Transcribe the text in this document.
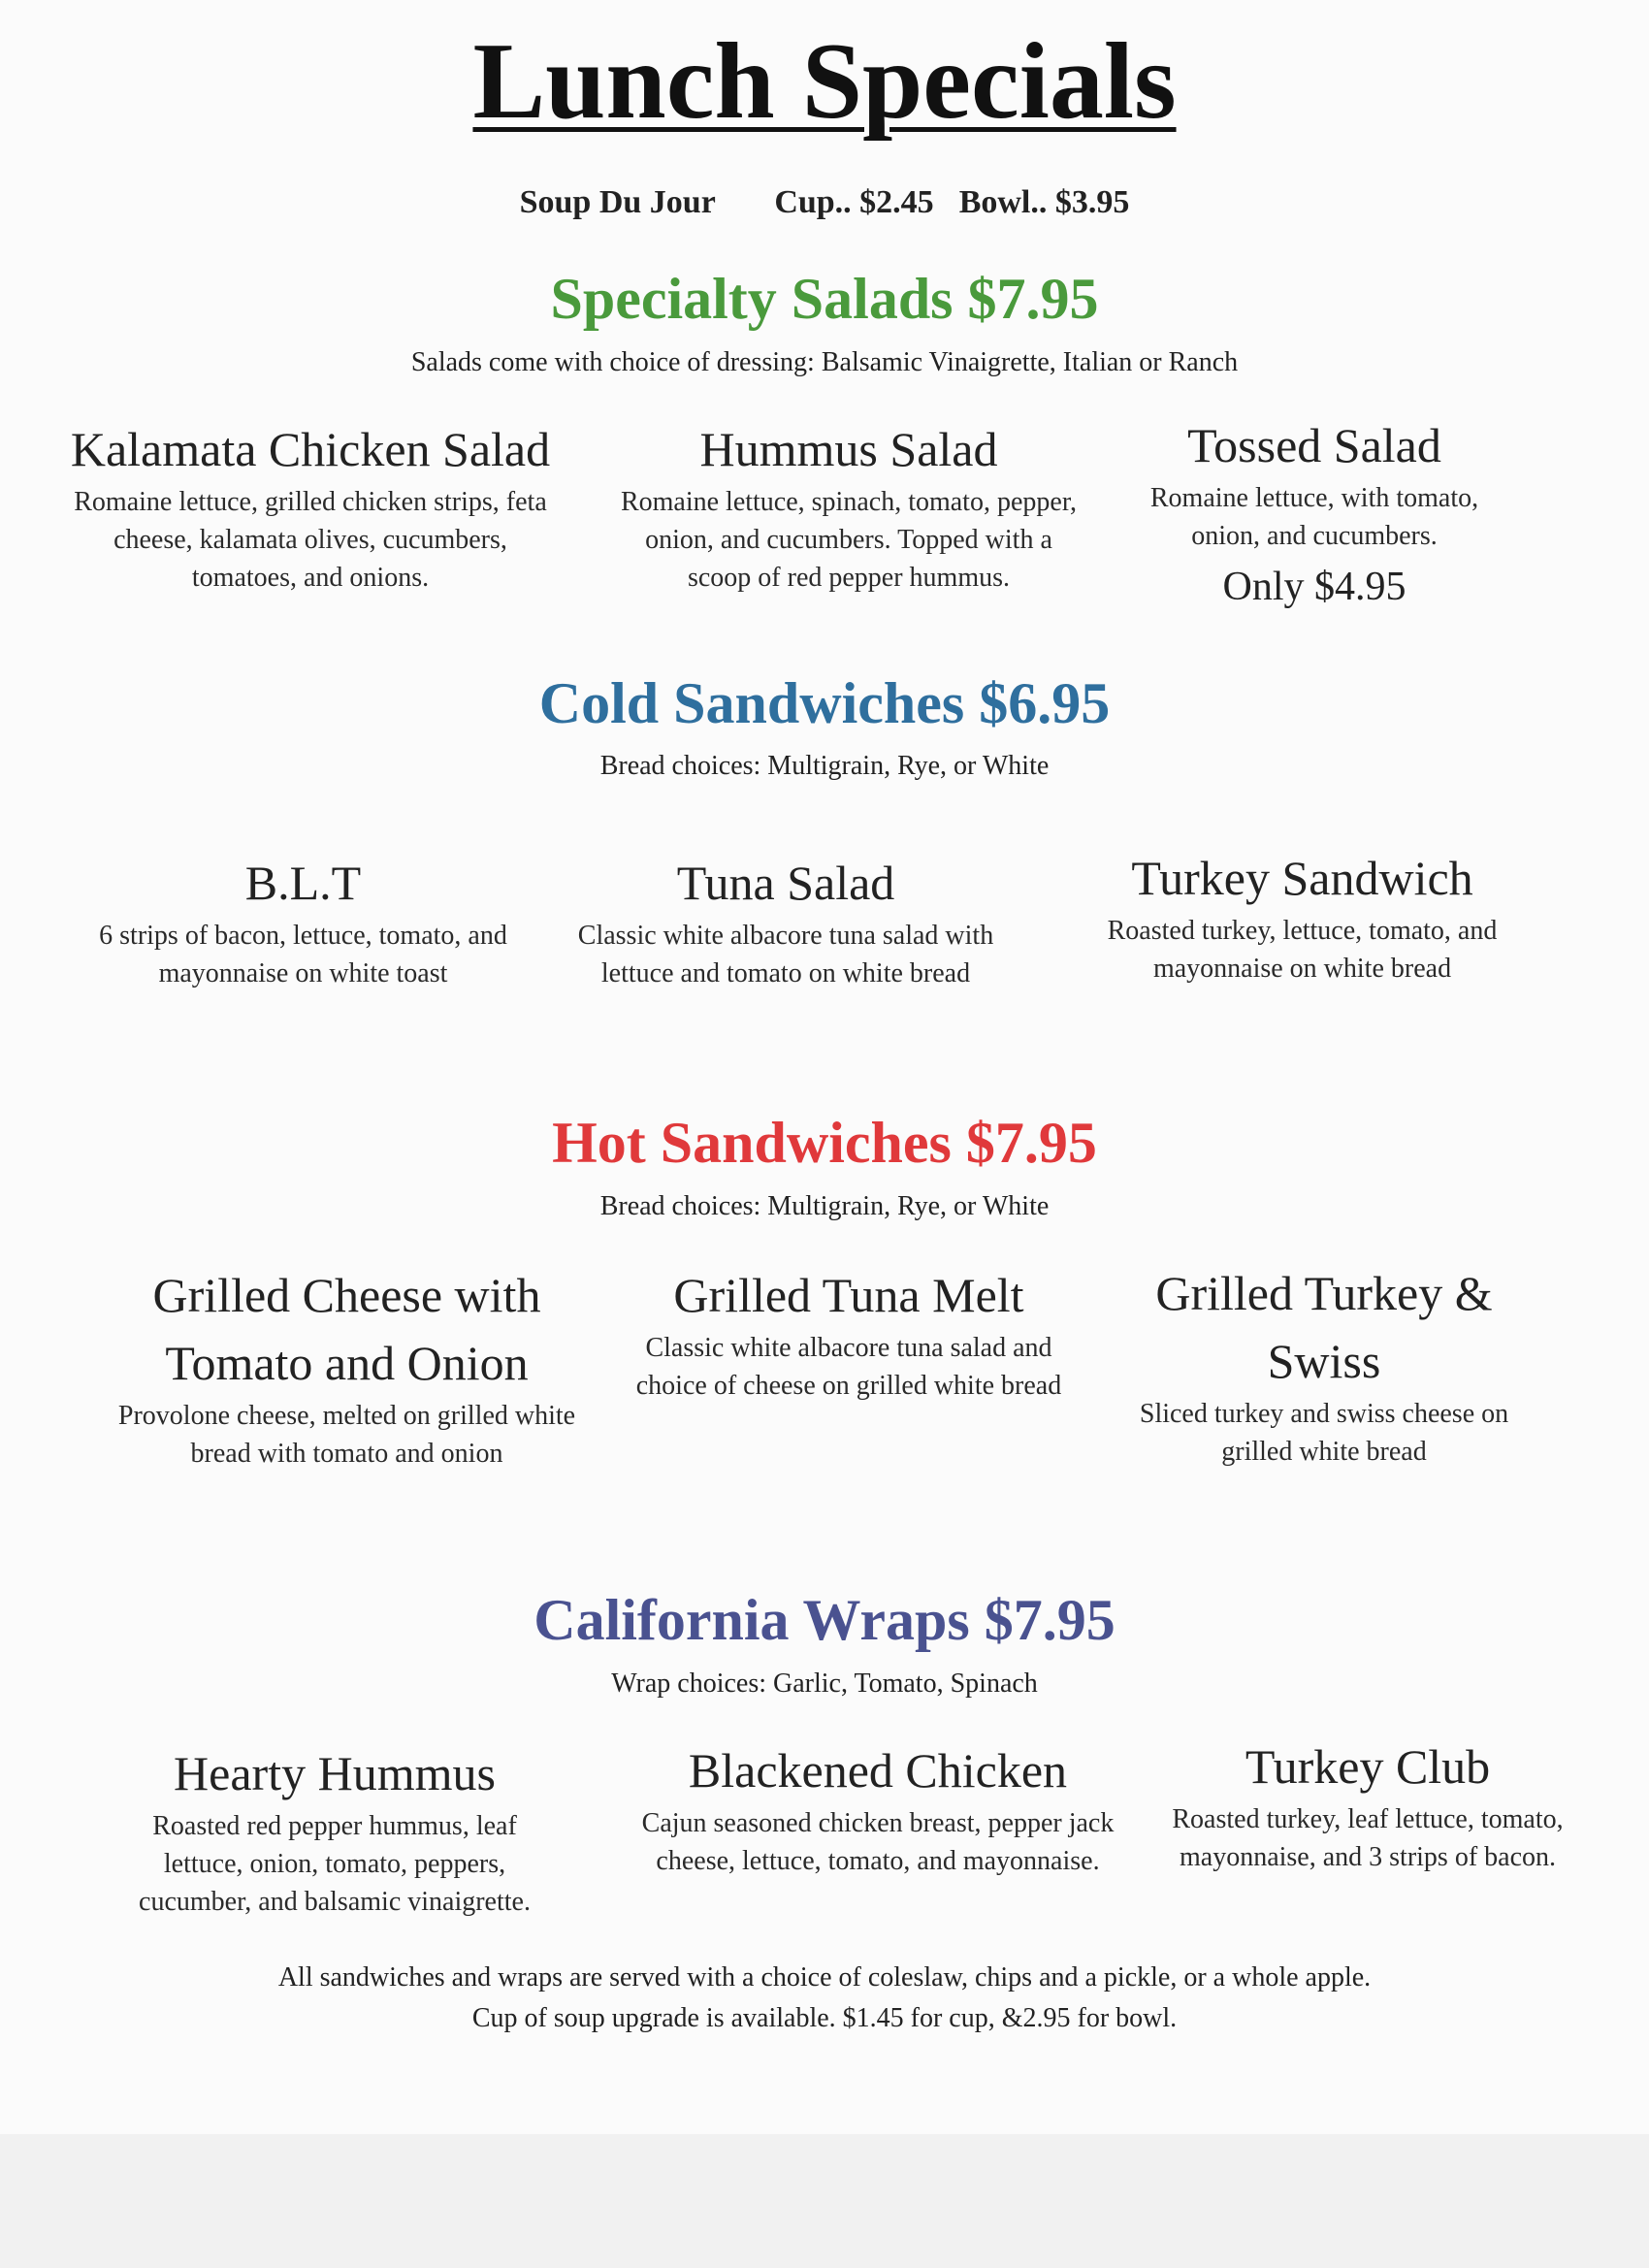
Lunch Specials
Soup Du Jour Cup.. $2.45 Bowl.. $3.95
Specialty Salads $7.95
Salads come with choice of dressing: Balsamic Vinaigrette, Italian or Ranch
Kalamata Chicken Salad
Romaine lettuce, grilled chicken strips, feta cheese, kalamata olives, cucumbers, tomatoes, and onions.
Hummus Salad
Romaine lettuce, spinach, tomato, pepper, onion, and cucumbers. Topped with a scoop of red pepper hummus.
Tossed Salad
Romaine lettuce, with tomato, onion, and cucumbers.
Only $4.95
Cold Sandwiches $6.95
Bread choices: Multigrain, Rye, or White
B.L.T
6 strips of bacon, lettuce, tomato, and mayonnaise on white toast
Tuna Salad
Classic white albacore tuna salad with lettuce and tomato on white bread
Turkey Sandwich
Roasted turkey, lettuce, tomato, and mayonnaise on white bread
Hot Sandwiches $7.95
Bread choices: Multigrain, Rye, or White
Grilled Cheese with Tomato and Onion
Provolone cheese, melted on grilled white bread with tomato and onion
Grilled Tuna Melt
Classic white albacore tuna salad and choice of cheese on grilled white bread
Grilled Turkey & Swiss
Sliced turkey and swiss cheese on grilled white bread
California Wraps $7.95
Wrap choices: Garlic, Tomato, Spinach
Hearty Hummus
Roasted red pepper hummus, leaf lettuce, onion, tomato, peppers, cucumber, and balsamic vinaigrette.
Blackened Chicken
Cajun seasoned chicken breast, pepper jack cheese, lettuce, tomato, and mayonnaise.
Turkey Club
Roasted turkey, leaf lettuce, tomato, mayonnaise, and 3 strips of bacon.
All sandwiches and wraps are served with a choice of coleslaw, chips and a pickle, or a whole apple.
Cup of soup upgrade is available. $1.45 for cup, &2.95 for bowl.
